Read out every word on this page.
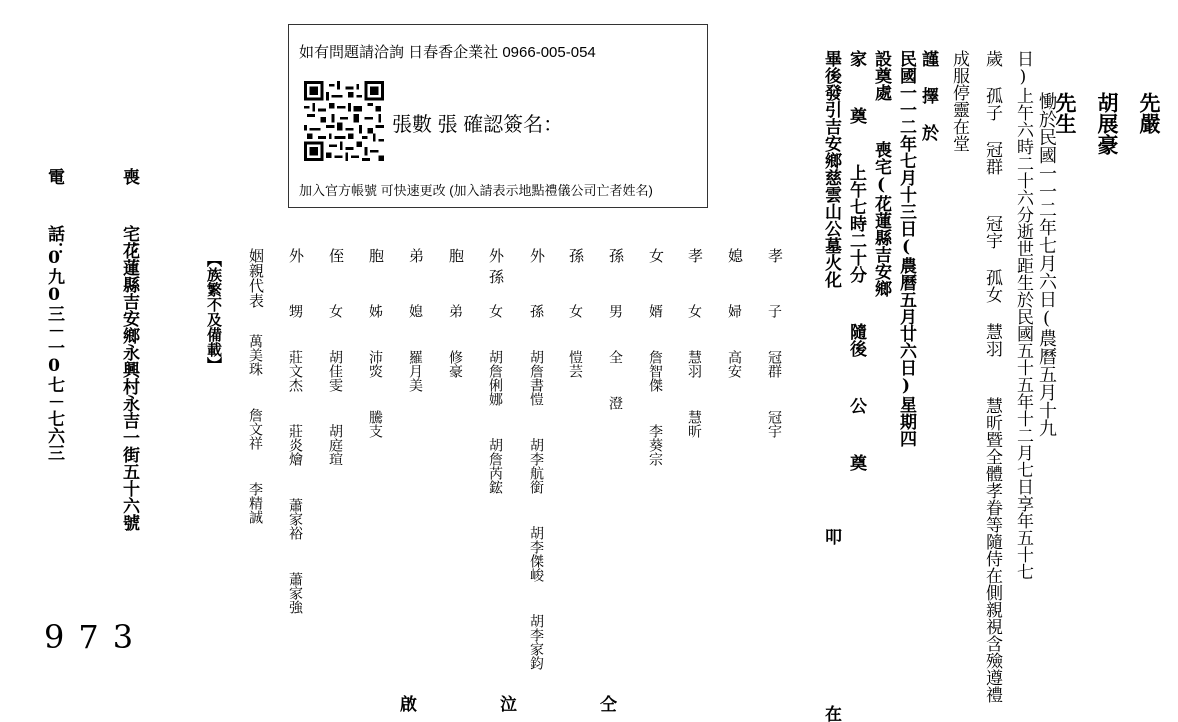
先嚴

胡展豪

先生
慟於民國一一二年七月六日(農曆五月十九

日)上午六時二十六分逝世距生於民國五十五年十二月七日享年五十七
歲 孤子 冠群  冠宇 孤女 慧羽  慧昕暨全體孝眷等隨侍在側親視含殮遵禮
成服停靈在堂
謹 擇 於
民國一一二年七月十三日(農曆五月廿六日)星期四
設奠處  喪宅(花蓮縣吉安鄉
家  奠  上午七時二十分  隨後  公  奠
畢後發引吉安鄉慈雲山公墓火化            叩        在
如有問題請洽詢 日春香企業社 0966-005-054
張數 張 確認簽名：
加入官方帳號 可快速更改 (加入請表示地點禮儀公司亡者姓名)
孝
子  冠群  冠宇
媳
婦  高安
孝
女  慧羽  慧昕
女
婿  詹智傑  李葵宗
孫
男  全  澄
孫
女  愷芸
外
孫  胡詹書愷  胡李航銜  胡李傑峻  胡李家鈞
外孫
女  胡詹俐娜  胡詹芮鋐
胞
弟  修豪
弟
媳  羅月美
胞
姊  沛焁  騰支
侄
女  胡佳雯  胡庭瑄
外
甥  莊文杰  莊炎燴  蕭家裕  蕭家強
姻親代表
萬美珠  詹文祥  李精誠
【族繁不及備載】
喪  宅：
花蓮縣吉安鄉永興村永吉一街五十六號
973
電  話：
0九0三－一0七－七六三
啟	泣	仝
